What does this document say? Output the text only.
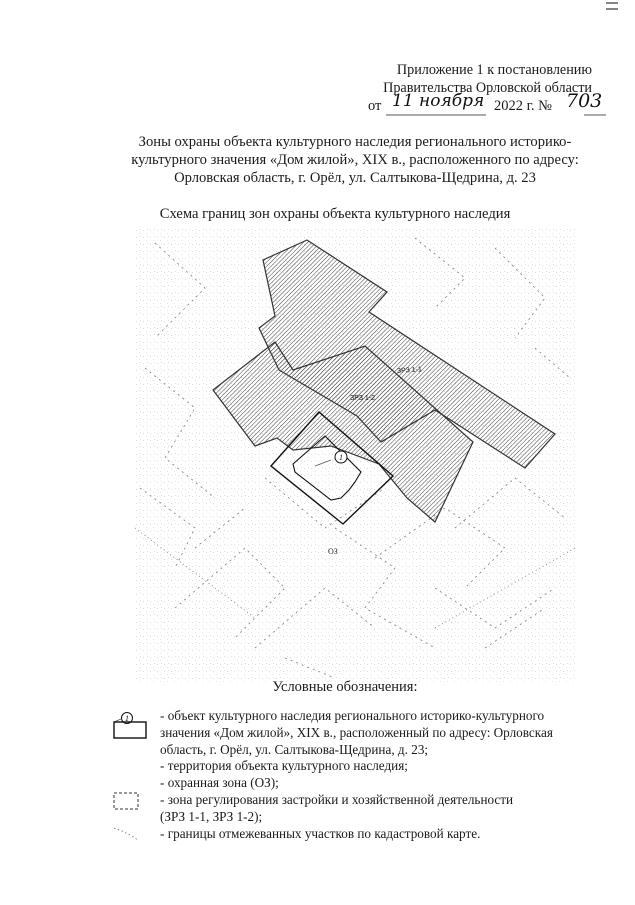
Приложение 1 к постановлению
Правительства Орловской области
от 11 ноября 2022 г. № 703
Зоны охраны объекта культурного наследия регионального историко-
культурного значения «Дом жилой», XIX в., расположенного по адресу:
Орловская область, г. Орёл, ул. Салтыкова-Щедрина, д. 23
Схема границ зон охраны объекта культурного наследия
ЗРЗ 1-1
ЗРЗ 1-2
1
ОЗ
Условные обозначения:
1 - объект культурного наследия регионального историко-культурного
значения «Дом жилой», XIX в., расположенный по адресу: Орловская
область, г. Орёл, ул. Салтыкова-Щедрина, д. 23;
- территория объекта культурного наследия;
- охранная зона (ОЗ);
- зона регулирования застройки и хозяйственной деятельности
(ЗРЗ 1-1, ЗРЗ 1-2);
- границы отмежеванных участков по кадастровой карте.
